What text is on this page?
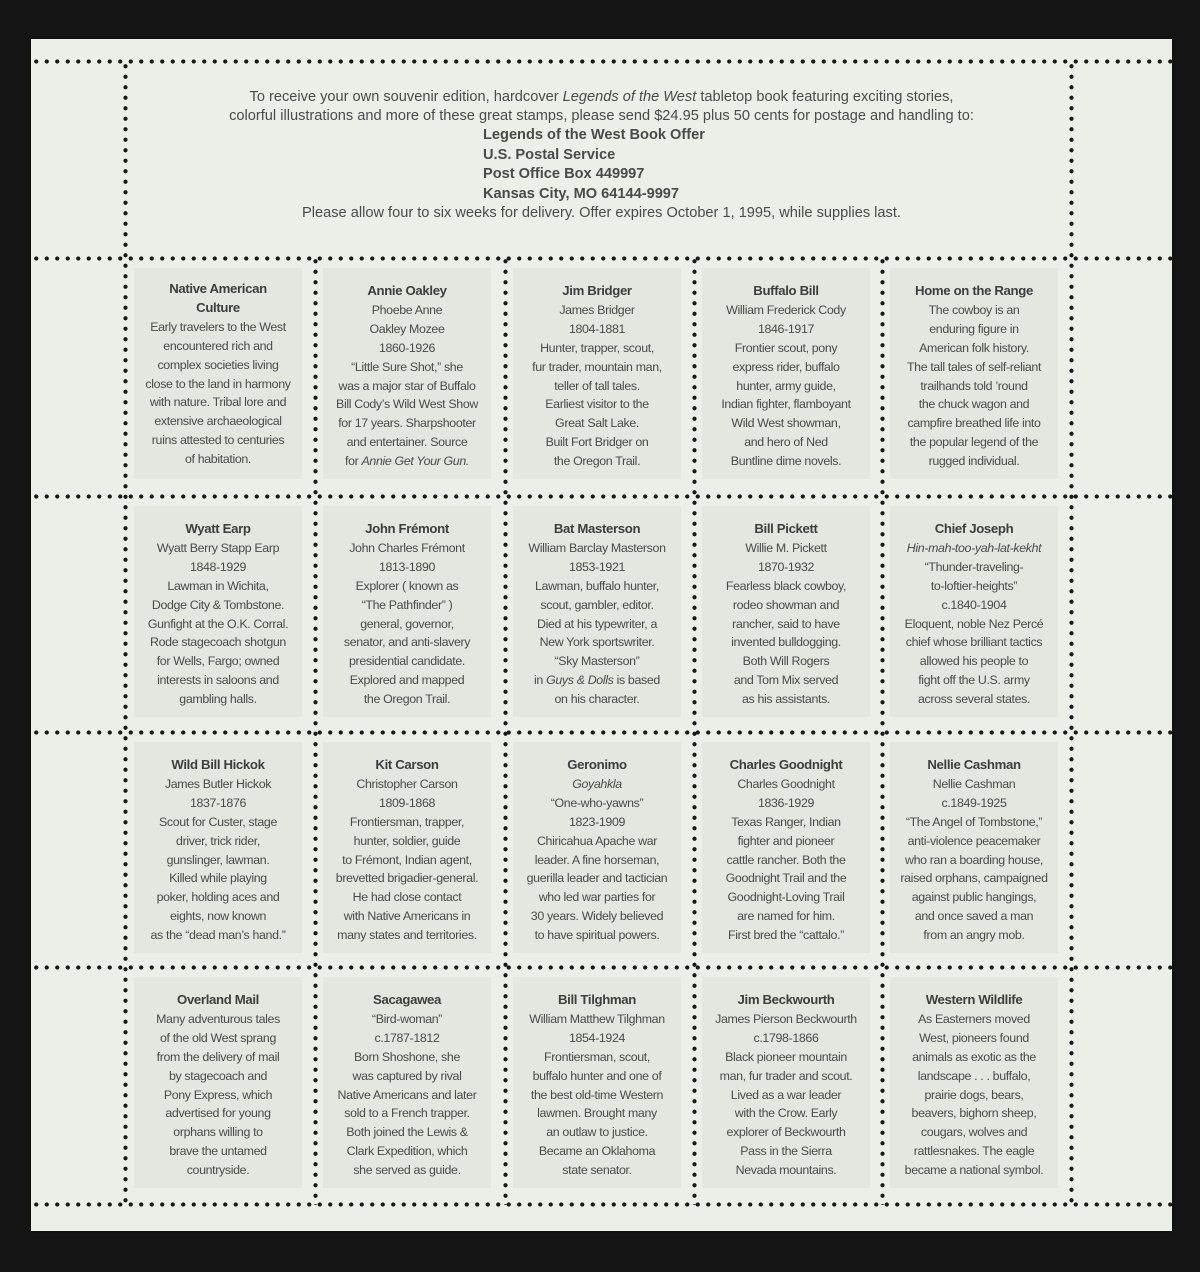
To receive your own souvenir edition, hardcover Legends of the West tabletop book featuring exciting stories,
colorful illustrations and more of these great stamps, please send $24.95 plus 50 cents for postage and handling to:
Legends of the West Book Offer
U.S. Postal Service
Post Office Box 449997
Kansas City, MO 64144-9997
Please allow four to six weeks for delivery. Offer expires October 1, 1995, while supplies last.
Native American
Culture
Early travelers to the West
encountered rich and
complex societies living
close to the land in harmony
with nature. Tribal lore and
extensive archaeological
ruins attested to centuries
of habitation.
Annie Oakley
Phoebe Anne
Oakley Mozee
1860-1926
“Little Sure Shot,” she
was a major star of Buffalo
Bill Cody’s Wild West Show
for 17 years. Sharpshooter
and entertainer. Source
for Annie Get Your Gun.
Jim Bridger
James Bridger
1804-1881
Hunter, trapper, scout,
fur trader, mountain man,
teller of tall tales.
Earliest visitor to the
Great Salt Lake.
Built Fort Bridger on
the Oregon Trail.
Buffalo Bill
William Frederick Cody
1846-1917
Frontier scout, pony
express rider, buffalo
hunter, army guide,
Indian fighter, flamboyant
Wild West showman,
and hero of Ned
Buntline dime novels.
Home on the Range
The cowboy is an
enduring figure in
American folk history.
The tall tales of self-reliant
trailhands told ’round
the chuck wagon and
campfire breathed life into
the popular legend of the
rugged individual.
Wyatt Earp
Wyatt Berry Stapp Earp
1848-1929
Lawman in Wichita,
Dodge City & Tombstone.
Gunfight at the O.K. Corral.
Rode stagecoach shotgun
for Wells, Fargo; owned
interests in saloons and
gambling halls.
John Frémont
John Charles Frémont
1813-1890
Explorer ( known as
“The Pathfinder” )
general, governor,
senator, and anti-slavery
presidential candidate.
Explored and mapped
the Oregon Trail.
Bat Masterson
William Barclay Masterson
1853-1921
Lawman, buffalo hunter,
scout, gambler, editor.
Died at his typewriter, a
New York sportswriter.
“Sky Masterson”
in Guys & Dolls is based
on his character.
Bill Pickett
Willie M. Pickett
1870-1932
Fearless black cowboy,
rodeo showman and
rancher, said to have
invented bulldogging.
Both Will Rogers
and Tom Mix served
as his assistants.
Chief Joseph
Hin-mah-too-yah-lat-kekht
“Thunder-traveling-
to-loftier-heights”
c.1840-1904
Eloquent, noble Nez Percé
chief whose brilliant tactics
allowed his people to
fight off the U.S. army
across several states.
Wild Bill Hickok
James Butler Hickok
1837-1876
Scout for Custer, stage
driver, trick rider,
gunslinger, lawman.
Killed while playing
poker, holding aces and
eights, now known
as the “dead man’s hand.”
Kit Carson
Christopher Carson
1809-1868
Frontiersman, trapper,
hunter, soldier, guide
to Frémont, Indian agent,
brevetted brigadier-general.
He had close contact
with Native Americans in
many states and territories.
Geronimo
Goyahkla
“One-who-yawns”
1823-1909
Chiricahua Apache war
leader. A fine horseman,
guerilla leader and tactician
who led war parties for
30 years. Widely believed
to have spiritual powers.
Charles Goodnight
Charles Goodnight
1836-1929
Texas Ranger, Indian
fighter and pioneer
cattle rancher. Both the
Goodnight Trail and the
Goodnight-Loving Trail
are named for him.
First bred the “cattalo.”
Nellie Cashman
Nellie Cashman
c.1849-1925
“The Angel of Tombstone,”
anti-violence peacemaker
who ran a boarding house,
raised orphans, campaigned
against public hangings,
and once saved a man
from an angry mob.
Overland Mail
Many adventurous tales
of the old West sprang
from the delivery of mail
by stagecoach and
Pony Express, which
advertised for young
orphans willing to
brave the untamed
countryside.
Sacagawea
“Bird-woman”
c.1787-1812
Born Shoshone, she
was captured by rival
Native Americans and later
sold to a French trapper.
Both joined the Lewis &
Clark Expedition, which
she served as guide.
Bill Tilghman
William Matthew Tilghman
1854-1924
Frontiersman, scout,
buffalo hunter and one of
the best old-time Western
lawmen. Brought many
an outlaw to justice.
Became an Oklahoma
state senator.
Jim Beckwourth
James Pierson Beckwourth
c.1798-1866
Black pioneer mountain
man, fur trader and scout.
Lived as a war leader
with the Crow. Early
explorer of Beckwourth
Pass in the Sierra
Nevada mountains.
Western Wildlife
As Easterners moved
West, pioneers found
animals as exotic as the
landscape . . . buffalo,
prairie dogs, bears,
beavers, bighorn sheep,
cougars, wolves and
rattlesnakes. The eagle
became a national symbol.
